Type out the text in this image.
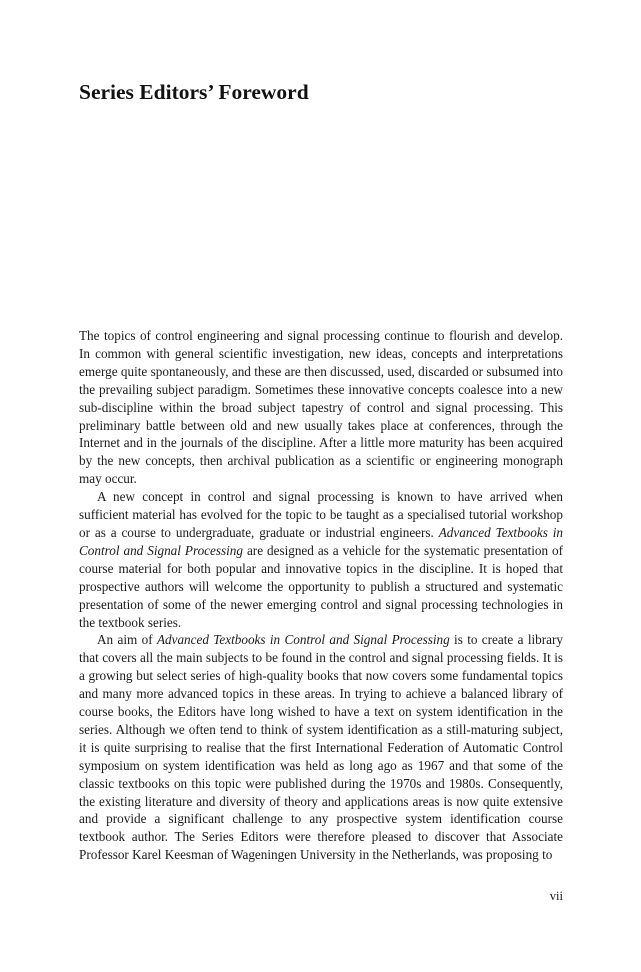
Series Editors’ Foreword

The topics of control engineering and signal processing continue to flourish and develop. In common with general scientific investigation, new ideas, concepts and interpretations emerge quite spontaneously, and these are then discussed, used, discarded or subsumed into the prevailing subject paradigm. Sometimes these innovative concepts coalesce into a new sub-discipline within the broad subject tapestry of control and signal processing. This preliminary battle between old and new usually takes place at conferences, through the Internet and in the journals of the discipline. After a little more maturity has been acquired by the new concepts, then archival publication as a scientific or engineering monograph may occur.

A new concept in control and signal processing is known to have arrived when sufficient material has evolved for the topic to be taught as a specialised tutorial workshop or as a course to undergraduate, graduate or industrial engineers. Advanced Textbooks in Control and Signal Processing are designed as a vehicle for the systematic presentation of course material for both popular and innovative topics in the discipline. It is hoped that prospective authors will welcome the opportunity to publish a structured and systematic presentation of some of the newer emerging control and signal processing technologies in the textbook series.

An aim of Advanced Textbooks in Control and Signal Processing is to create a library that covers all the main subjects to be found in the control and signal processing fields. It is a growing but select series of high-quality books that now covers some fundamental topics and many more advanced topics in these areas. In trying to achieve a balanced library of course books, the Editors have long wished to have a text on system identification in the series. Although we often tend to think of system identification as a still-maturing subject, it is quite surprising to realise that the first International Federation of Automatic Control symposium on system identification was held as long ago as 1967 and that some of the classic textbooks on this topic were published during the 1970s and 1980s. Consequently, the existing literature and diversity of theory and applications areas is now quite extensive and provide a significant challenge to any prospective system identification course textbook author. The Series Editors were therefore pleased to discover that Associate Professor Karel Keesman of Wageningen University in the Netherlands, was proposing to

vii
